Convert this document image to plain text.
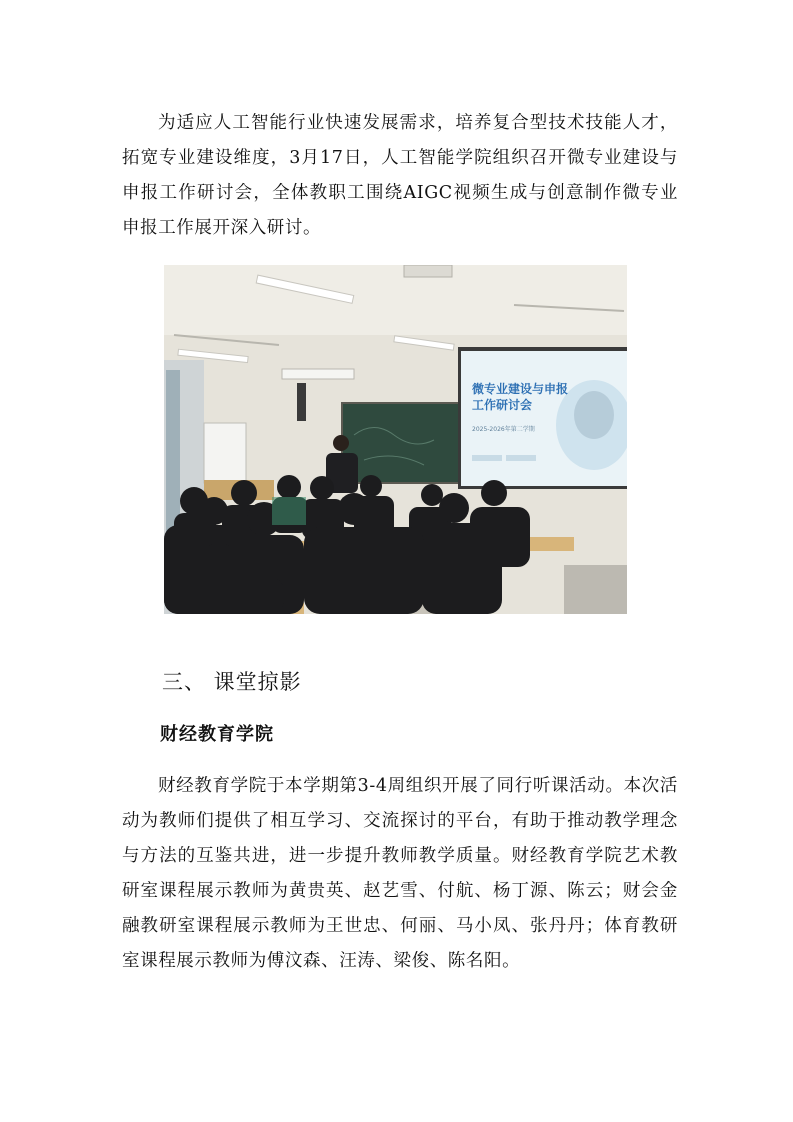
为适应人工智能行业快速发展需求，培养复合型技术技能人才，拓宽专业建设维度，3月17日，人工智能学院组织召开微专业建设与申报工作研讨会，全体教职工围绕AIGC视频生成与创意制作微专业申报工作展开深入研讨。

微专业建设与申报
工作研讨会
2025-2026年第二学期
三、 课堂掠影
财经教育学院

财经教育学院于本学期第3-4周组织开展了同行听课活动。本次活动为教师们提供了相互学习、交流探讨的平台，有助于推动教学理念与方法的互鉴共进，进一步提升教师教学质量。财经教育学院艺术教研室课程展示教师为黄贵英、赵艺雪、付航、杨丁源、陈云；财会金融教研室课程展示教师为王世忠、何丽、马小凤、张丹丹；体育教研室课程展示教师为傅汶森、汪涛、梁俊、陈名阳。
